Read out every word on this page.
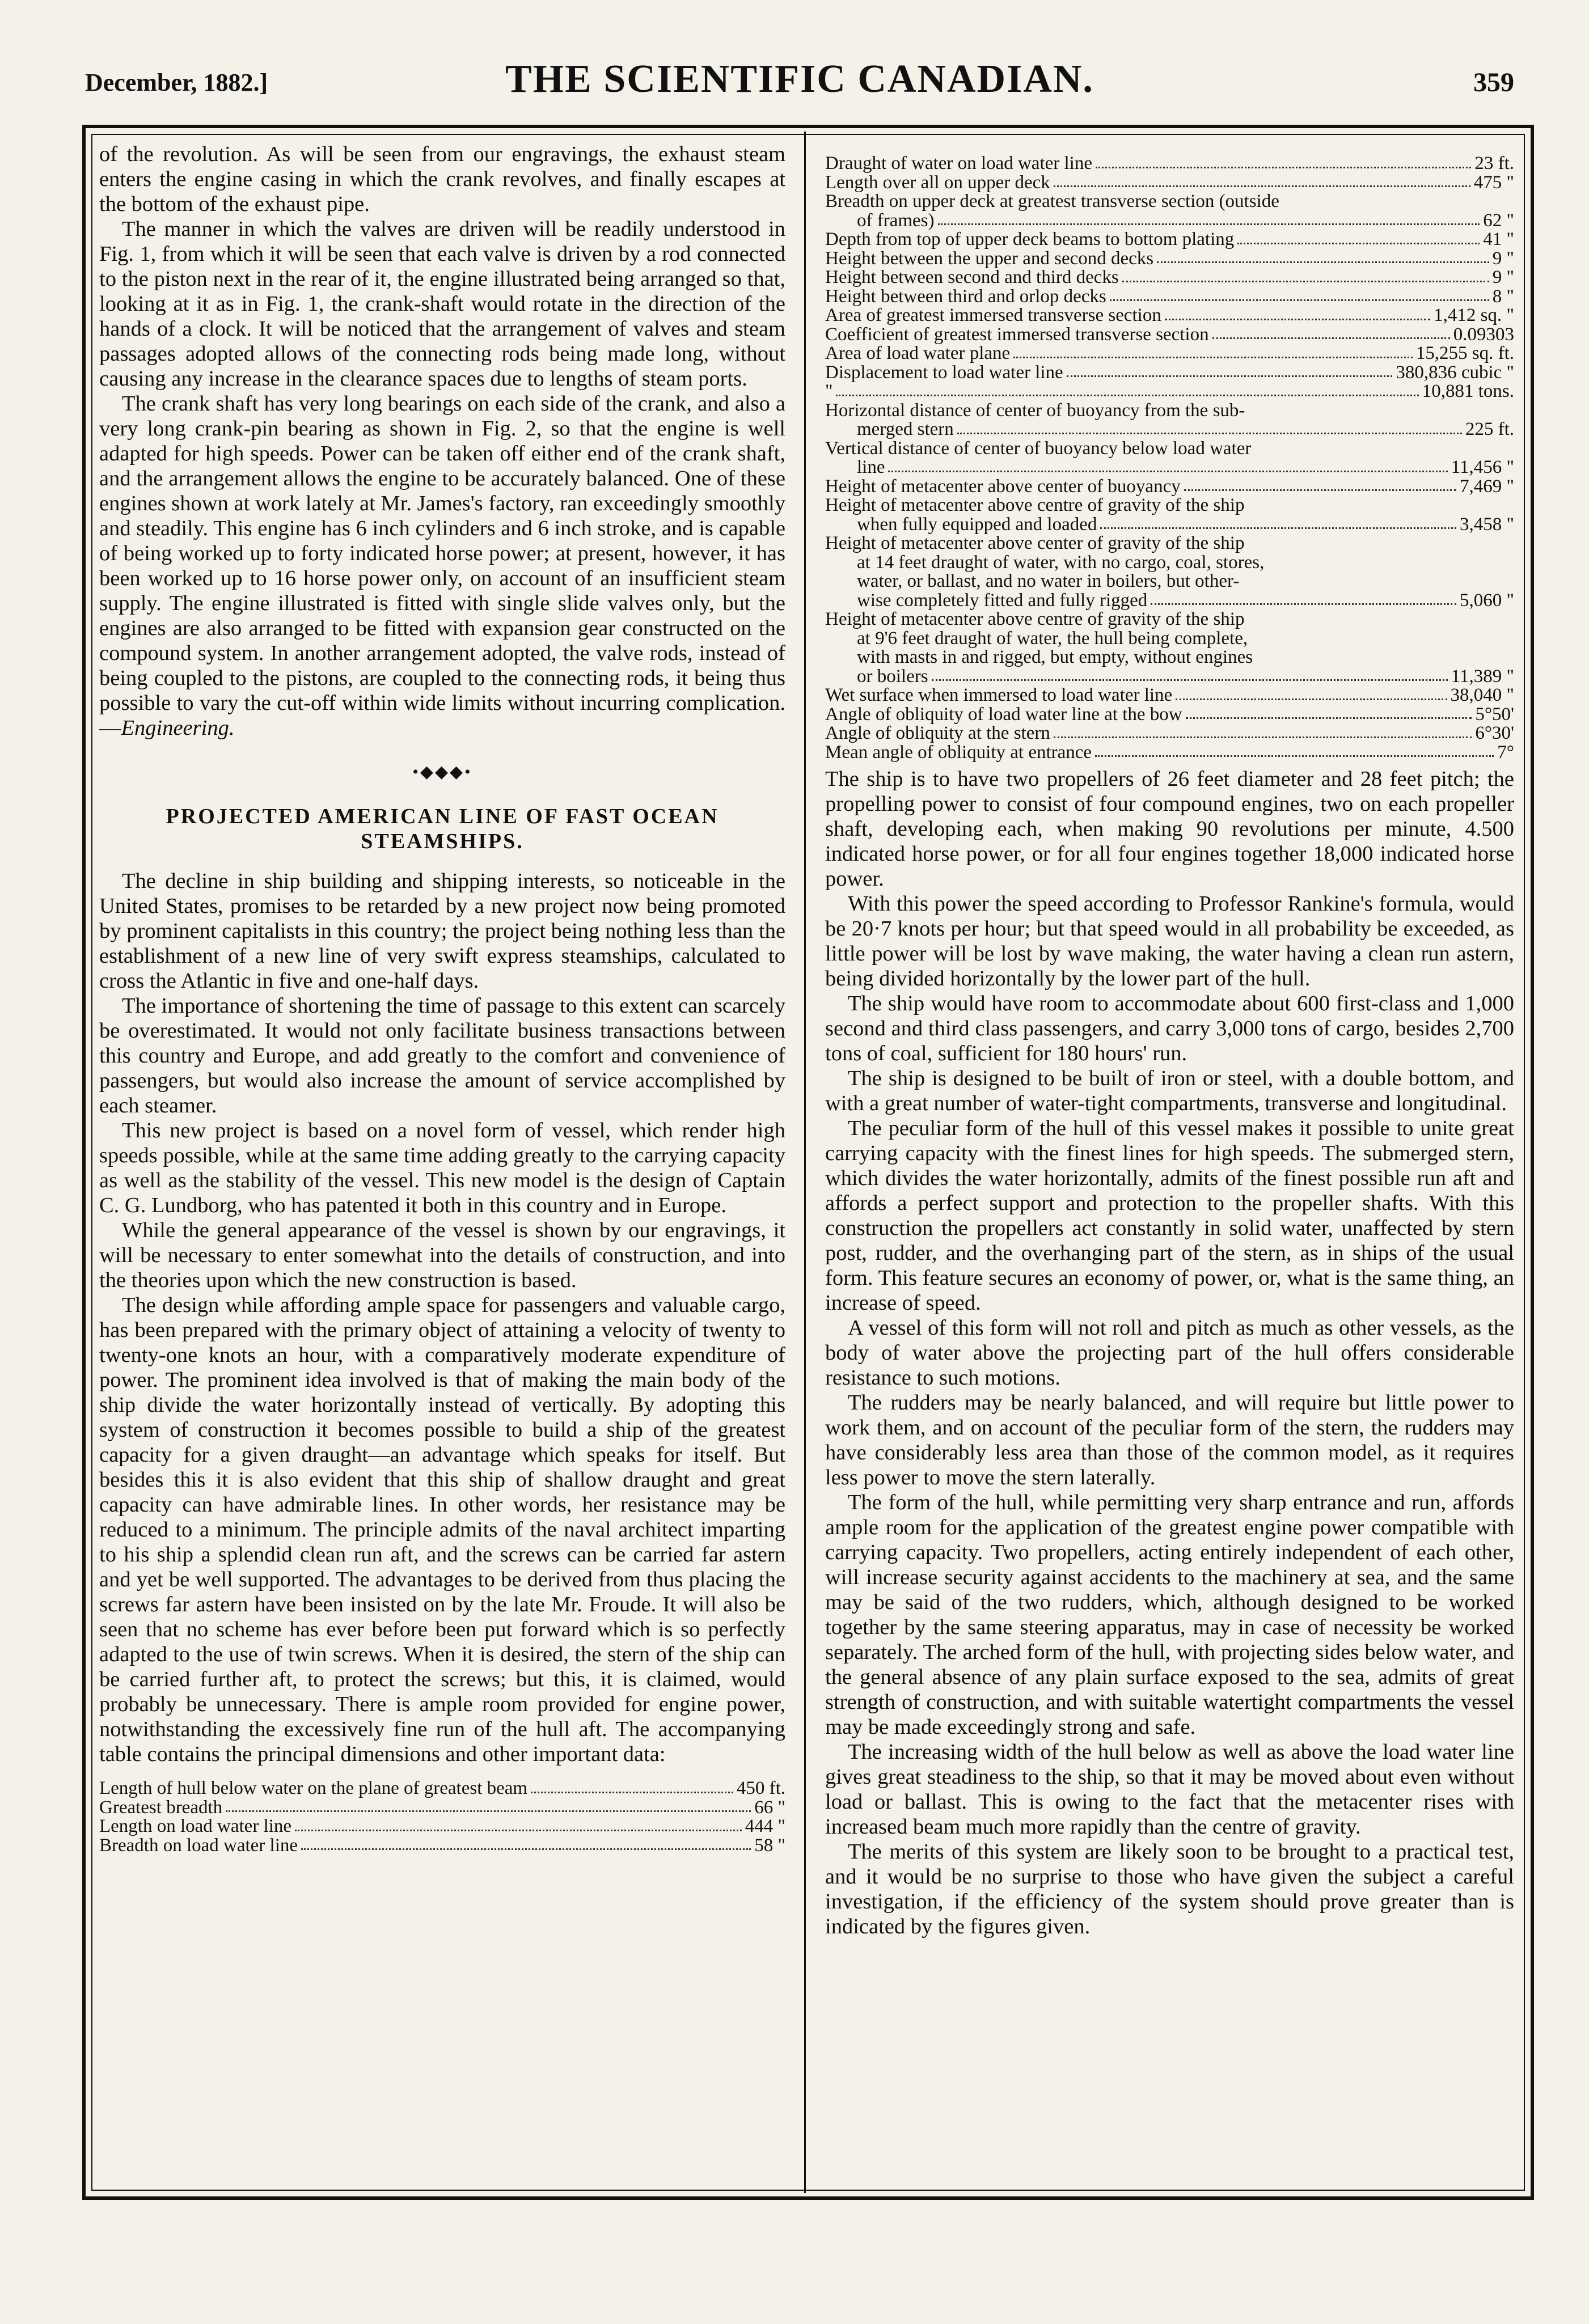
December, 1882.]	THE SCIENTIFIC CANADIAN.	359

of the revolution. As will be seen from our engravings, the exhaust steam enters the engine casing in which the crank revolves, and finally escapes at the bottom of the exhaust pipe.

The manner in which the valves are driven will be readily understood in Fig. 1, from which it will be seen that each valve is driven by a rod connected to the piston next in the rear of it, the engine illustrated being arranged so that, looking at it as in Fig. 1, the crank-shaft would rotate in the direction of the hands of a clock. It will be noticed that the arrangement of valves and steam passages adopted allows of the connecting rods being made long, without causing any increase in the clearance spaces due to lengths of steam ports.

The crank shaft has very long bearings on each side of the crank, and also a very long crank-pin bearing as shown in Fig. 2, so that the engine is well adapted for high speeds. Power can be taken off either end of the crank shaft, and the arrangement allows the engine to be accurately balanced. One of these engines shown at work lately at Mr. James's factory, ran exceedingly smoothly and steadily. This engine has 6 inch cylinders and 6 inch stroke, and is capable of being worked up to forty indicated horse power; at present, however, it has been worked up to 16 horse power only, on account of an insufficient steam supply. The engine illustrated is fitted with single slide valves only, but the engines are also arranged to be fitted with expansion gear constructed on the compound system. In another arrangement adopted, the valve rods, instead of being coupled to the pistons, are coupled to the connecting rods, it being thus possible to vary the cut-off within wide limits without incurring complication.—Engineering.

•◆◆◆•
PROJECTED AMERICAN LINE OF FAST OCEAN STEAMSHIPS.

The decline in ship building and shipping interests, so noticeable in the United States, promises to be retarded by a new project now being promoted by prominent capitalists in this country; the project being nothing less than the establishment of a new line of very swift express steamships, calculated to cross the Atlantic in five and one-half days.

The importance of shortening the time of passage to this extent can scarcely be overestimated. It would not only facilitate business transactions between this country and Europe, and add greatly to the comfort and convenience of passengers, but would also increase the amount of service accomplished by each steamer.

This new project is based on a novel form of vessel, which render high speeds possible, while at the same time adding greatly to the carrying capacity as well as the stability of the vessel. This new model is the design of Captain C. G. Lundborg, who has patented it both in this country and in Europe.

While the general appearance of the vessel is shown by our engravings, it will be necessary to enter somewhat into the details of construction, and into the theories upon which the new construction is based.

The design while affording ample space for passengers and valuable cargo, has been prepared with the primary object of attaining a velocity of twenty to twenty-one knots an hour, with a comparatively moderate expenditure of power. The prominent idea involved is that of making the main body of the ship divide the water horizontally instead of vertically. By adopting this system of construction it becomes possible to build a ship of the greatest capacity for a given draught—an advantage which speaks for itself. But besides this it is also evident that this ship of shallow draught and great capacity can have admirable lines. In other words, her resistance may be reduced to a minimum. The principle admits of the naval architect imparting to his ship a splendid clean run aft, and the screws can be carried far astern and yet be well supported. The advantages to be derived from thus placing the screws far astern have been insisted on by the late Mr. Froude. It will also be seen that no scheme has ever before been put forward which is so perfectly adapted to the use of twin screws. When it is desired, the stern of the ship can be carried further aft, to protect the screws; but this, it is claimed, would probably be unnecessary. There is ample room provided for engine power, notwithstanding the excessively fine run of the hull aft. The accompanying table contains the principal dimensions and other important data:

Length of hull below water on the plane of greatest beam	450 ft.
Greatest breadth	66 "
Length on load water line	444 "
Breadth on load water line	58 "
Draught of water on load water line	23 ft.
Length over all on upper deck	475 "
Breadth on upper deck at greatest transverse section (outside
of frames)	62 "
Depth from top of upper deck beams to bottom plating	41 "
Height between the upper and second decks	9 "
Height between second and third decks	9 "
Height between third and orlop decks	8 "
Area of greatest immersed transverse section	1,412 sq. "
Coefficient of greatest immersed transverse section	0.09303
Area of load water plane	15,255 sq. ft.
Displacement to load water line	380,836 cubic "
"	10,881 tons.
Horizontal distance of center of buoyancy from the sub-
merged stern	225 ft.
Vertical distance of center of buoyancy below load water
line	11,456 "
Height of metacenter above center of buoyancy	7,469 "
Height of metacenter above centre of gravity of the ship
when fully equipped and loaded	3,458 "
Height of metacenter above center of gravity of the ship
at 14 feet draught of water, with no cargo, coal, stores,
water, or ballast, and no water in boilers, but other-
wise completely fitted and fully rigged	5,060 "
Height of metacenter above centre of gravity of the ship
at 9'6 feet draught of water, the hull being complete,
with masts in and rigged, but empty, without engines
or boilers	11,389 "
Wet surface when immersed to load water line	38,040 "
Angle of obliquity of load water line at the bow	5°50'
Angle of obliquity at the stern	6°30'
Mean angle of obliquity at entrance	7°

The ship is to have two propellers of 26 feet diameter and 28 feet pitch; the propelling power to consist of four compound engines, two on each propeller shaft, developing each, when making 90 revolutions per minute, 4.500 indicated horse power, or for all four engines together 18,000 indicated horse power.

With this power the speed according to Professor Rankine's formula, would be 20·7 knots per hour; but that speed would in all probability be exceeded, as little power will be lost by wave making, the water having a clean run astern, being divided horizontally by the lower part of the hull.

The ship would have room to accommodate about 600 first-class and 1,000 second and third class passengers, and carry 3,000 tons of cargo, besides 2,700 tons of coal, sufficient for 180 hours' run.

The ship is designed to be built of iron or steel, with a double bottom, and with a great number of water-tight compartments, transverse and longitudinal.

The peculiar form of the hull of this vessel makes it possible to unite great carrying capacity with the finest lines for high speeds. The submerged stern, which divides the water horizontally, admits of the finest possible run aft and affords a perfect support and protection to the propeller shafts. With this construction the propellers act constantly in solid water, unaffected by stern post, rudder, and the overhanging part of the stern, as in ships of the usual form. This feature secures an economy of power, or, what is the same thing, an increase of speed.

A vessel of this form will not roll and pitch as much as other vessels, as the body of water above the projecting part of the hull offers considerable resistance to such motions.

The rudders may be nearly balanced, and will require but little power to work them, and on account of the peculiar form of the stern, the rudders may have considerably less area than those of the common model, as it requires less power to move the stern laterally.

The form of the hull, while permitting very sharp entrance and run, affords ample room for the application of the greatest engine power compatible with carrying capacity. Two propellers, acting entirely independent of each other, will increase security against accidents to the machinery at sea, and the same may be said of the two rudders, which, although designed to be worked together by the same steering apparatus, may in case of necessity be worked separately. The arched form of the hull, with projecting sides below water, and the general absence of any plain surface exposed to the sea, admits of great strength of construction, and with suitable watertight compartments the vessel may be made exceedingly strong and safe.

The increasing width of the hull below as well as above the load water line gives great steadiness to the ship, so that it may be moved about even without load or ballast. This is owing to the fact that the metacenter rises with increased beam much more rapidly than the centre of gravity.

The merits of this system are likely soon to be brought to a practical test, and it would be no surprise to those who have given the subject a careful investigation, if the efficiency of the system should prove greater than is indicated by the figures given.
